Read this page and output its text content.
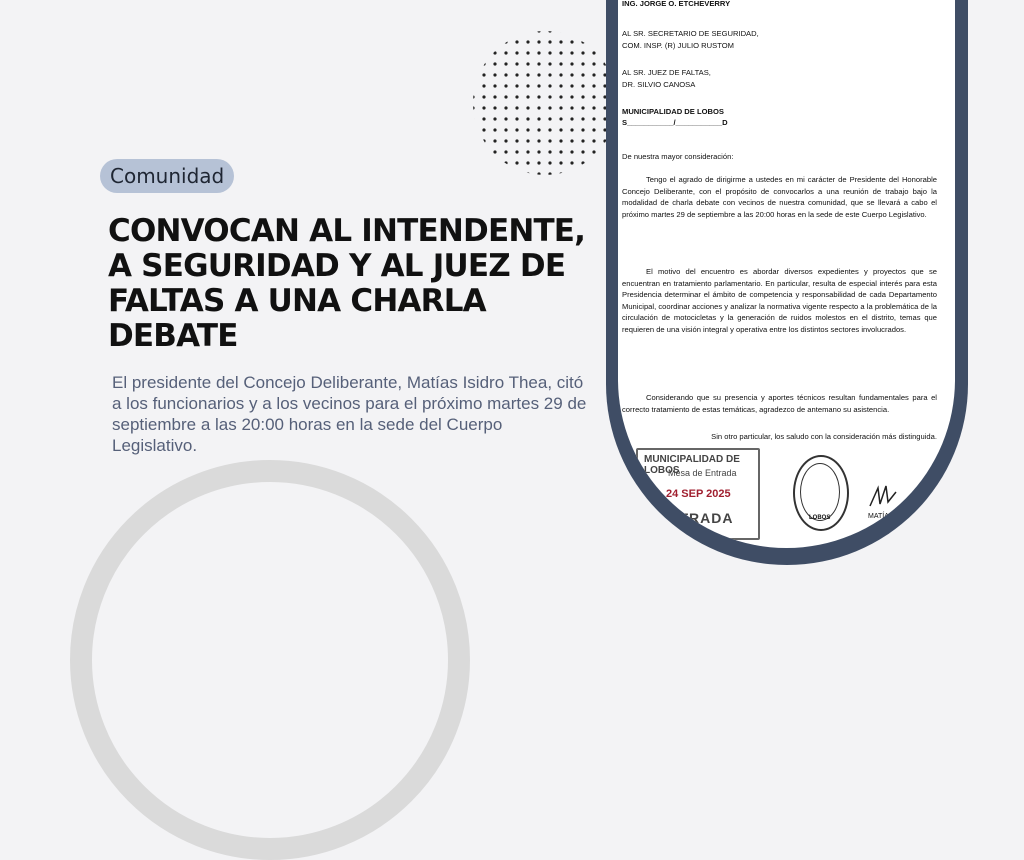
Comunidad
CONVOCAN AL INTENDENTE, A SEGURIDAD Y AL JUEZ DE FALTAS A UNA CHARLA DEBATE

El presidente del Concejo Deliberante, Matías Isidro Thea, citó a los funcionarios y a los vecinos para el próximo martes 29 de septiembre a las 20:00 horas en la sede del Cuerpo Legislativo.

ING. JORGE O. ETCHEVERRY
AL SR. SECRETARIO DE SEGURIDAD,
COM. INSP. (R) JULIO RUSTOM
AL SR. JUEZ DE FALTAS,
DR. SILVIO CANOSA
MUNICIPALIDAD DE LOBOS
S___________/___________D
De nuestra mayor consideración:
Tengo el agrado de dirigirme a ustedes en mi carácter de Presidente del Honorable Concejo Deliberante, con el propósito de convocarlos a una reunión de trabajo bajo la modalidad de charla debate con vecinos de nuestra comunidad, que se llevará a cabo el próximo martes 29 de septiembre a las 20:00 horas en la sede de este Cuerpo Legislativo.
El motivo del encuentro es abordar diversos expedientes y proyectos que se encuentran en tratamiento parlamentario. En particular, resulta de especial interés para esta Presidencia determinar el ámbito de competencia y responsabilidad de cada Departamento Municipal, coordinar acciones y analizar la normativa vigente respecto a la problemática de la circulación de motocicletas y la generación de ruidos molestos en el distrito, temas que requieren de una visión integral y operativa entre los distintos sectores involucrados.
Considerando que su presencia y aportes técnicos resultan fundamentales para el correcto tratamiento de estas temáticas, agradezco de antemano su asistencia.
Sin otro particular, los saludo con la consideración más distinguida.
MUNICIPALIDAD DE LOBOS
Mesa de Entrada
24 SEP 2025
ENTRADA	LOBOS	MATÍAS
